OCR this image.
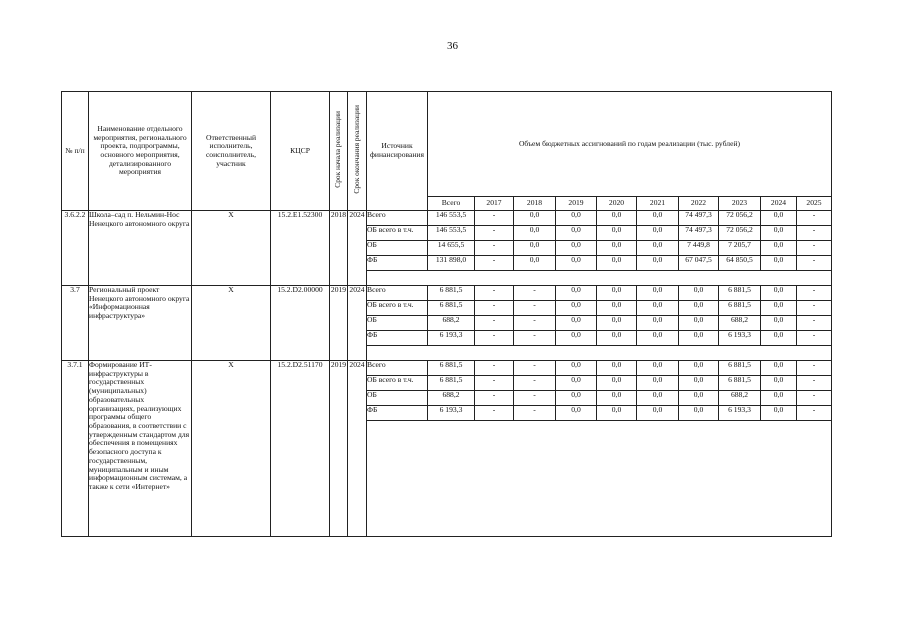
36
№ п/п	Наименование отдельного мероприятия, регионального проекта, подпрограммы, основного мероприятия, детализированного мероприятия	Ответственный исполнитель, соисполнитель, участник	КЦСР	Срок начала реализации	Срок окончания реализации	Источник финансирования	Объем бюджетных ассигнований по годам реализации (тыс. рублей)									
							Всего	2017	2018	2019	2020	2021	2022	2023	2024	2025
3.6.2.2	Школа–сад п. Нельмин-Нос Ненецкого автономного округа	Х	15.2.E1.52300	2018	2024	Всего	146 553,5	-	0,0	0,0	0,0	0,0	74 497,3	72 056,2	0,0	-
						ОБ всего в т.ч.	146 553,5	-	0,0	0,0	0,0	0,0	74 497,3	72 056,2	0,0	-
						ОБ	14 655,5	-	0,0	0,0	0,0	0,0	7 449,8	7 205,7	0,0	-
						ФБ	131 898,0	-	0,0	0,0	0,0	0,0	67 047,5	64 850,5	0,0	-

3.7	Региональный проект Ненецкого автономного округа «Информационная инфраструктура»	Х	15.2.D2.00000	2019	2024	Всего	6 881,5	-	-	0,0	0,0	0,0	0,0	6 881,5	0,0	-
						ОБ всего в т.ч.	6 881,5	-	-	0,0	0,0	0,0	0,0	6 881,5	0,0	-
						ОБ	688,2	-	-	0,0	0,0	0,0	0,0	688,2	0,0	-
						ФБ	6 193,3	-	-	0,0	0,0	0,0	0,0	6 193,3	0,0	-

3.7.1	Формирование ИТ-инфраструктуры в государственных (муниципальных) образовательных организациях, реализующих программы общего образования, в соответствии с утвержденным стандартом для обеспечения в помещениях безопасного доступа к государственным, муниципальным и иным информационным системам, а также к сети «Интернет»	Х	15.2.D2.51170	2019	2024	Всего	6 881,5	-	-	0,0	0,0	0,0	0,0	6 881,5	0,0	-
						ОБ всего в т.ч.	6 881,5	-	-	0,0	0,0	0,0	0,0	6 881,5	0,0	-
						ОБ	688,2	-	-	0,0	0,0	0,0	0,0	688,2	0,0	-
						ФБ	6 193,3	-	-	0,0	0,0	0,0	0,0	6 193,3	0,0	-
